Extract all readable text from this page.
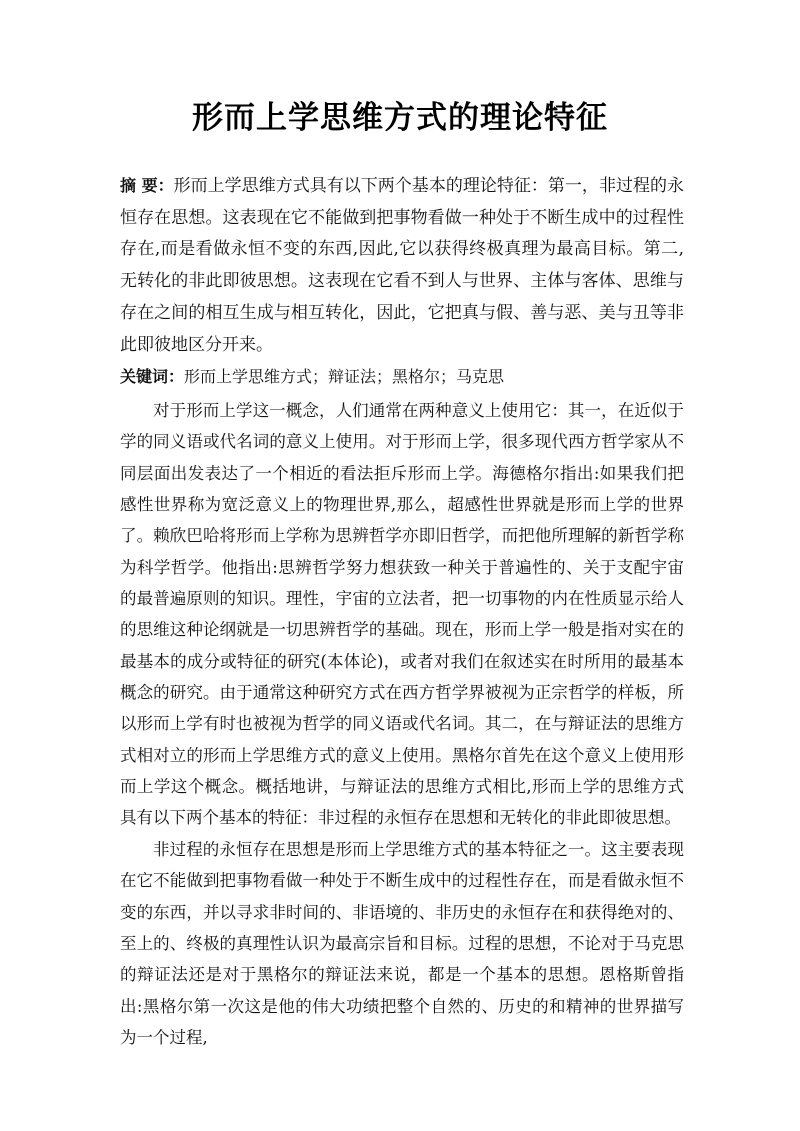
形而上学思维方式的理论特征
摘 要：形而上学思维方式具有以下两个基本的理论特征：第一，非过程的永恒存在思想。这表现在它不能做到把事物看做一种处于不断生成中的过程性存在,而是看做永恒不变的东西,因此,它以获得终极真理为最高目标。第二,无转化的非此即彼思想。这表现在它看不到人与世界、主体与客体、思维与存在之间的相互生成与相互转化，因此，它把真与假、善与恶、美与丑等非此即彼地区分开来。
关键词：形而上学思维方式；辩证法；黑格尔；马克思

对于形而上学这一概念，人们通常在两种意义上使用它：其一，在近似于学的同义语或代名词的意义上使用。对于形而上学，很多现代西方哲学家从不同层面出发表达了一个相近的看法拒斥形而上学。海德格尔指出:如果我们把感性世界称为宽泛意义上的物理世界,那么，超感性世界就是形而上学的世界了。赖欣巴哈将形而上学称为思辨哲学亦即旧哲学，而把他所理解的新哲学称为科学哲学。他指出:思辨哲学努力想获致一种关于普遍性的、关于支配宇宙的最普遍原则的知识。理性，宇宙的立法者，把一切事物的内在性质显示给人的思维这种论纲就是一切思辨哲学的基础。现在，形而上学一般是指对实在的最基本的成分或特征的研究(本体论)，或者对我们在叙述实在时所用的最基本概念的研究。由于通常这种研究方式在西方哲学界被视为正宗哲学的样板，所以形而上学有时也被视为哲学的同义语或代名词。其二，在与辩证法的思维方式相对立的形而上学思维方式的意义上使用。黑格尔首先在这个意义上使用形而上学这个概念。概括地讲，与辩证法的思维方式相比,形而上学的思维方式具有以下两个基本的特征：非过程的永恒存在思想和无转化的非此即彼思想。

非过程的永恒存在思想是形而上学思维方式的基本特征之一。这主要表现在它不能做到把事物看做一种处于不断生成中的过程性存在，而是看做永恒不变的东西，并以寻求非时间的、非语境的、非历史的永恒存在和获得绝对的、至上的、终极的真理性认识为最高宗旨和目标。过程的思想，不论对于马克思的辩证法还是对于黑格尔的辩证法来说，都是一个基本的思想。恩格斯曾指出:黑格尔第一次这是他的伟大功绩把整个自然的、历史的和精神的世界描写为一个过程,
